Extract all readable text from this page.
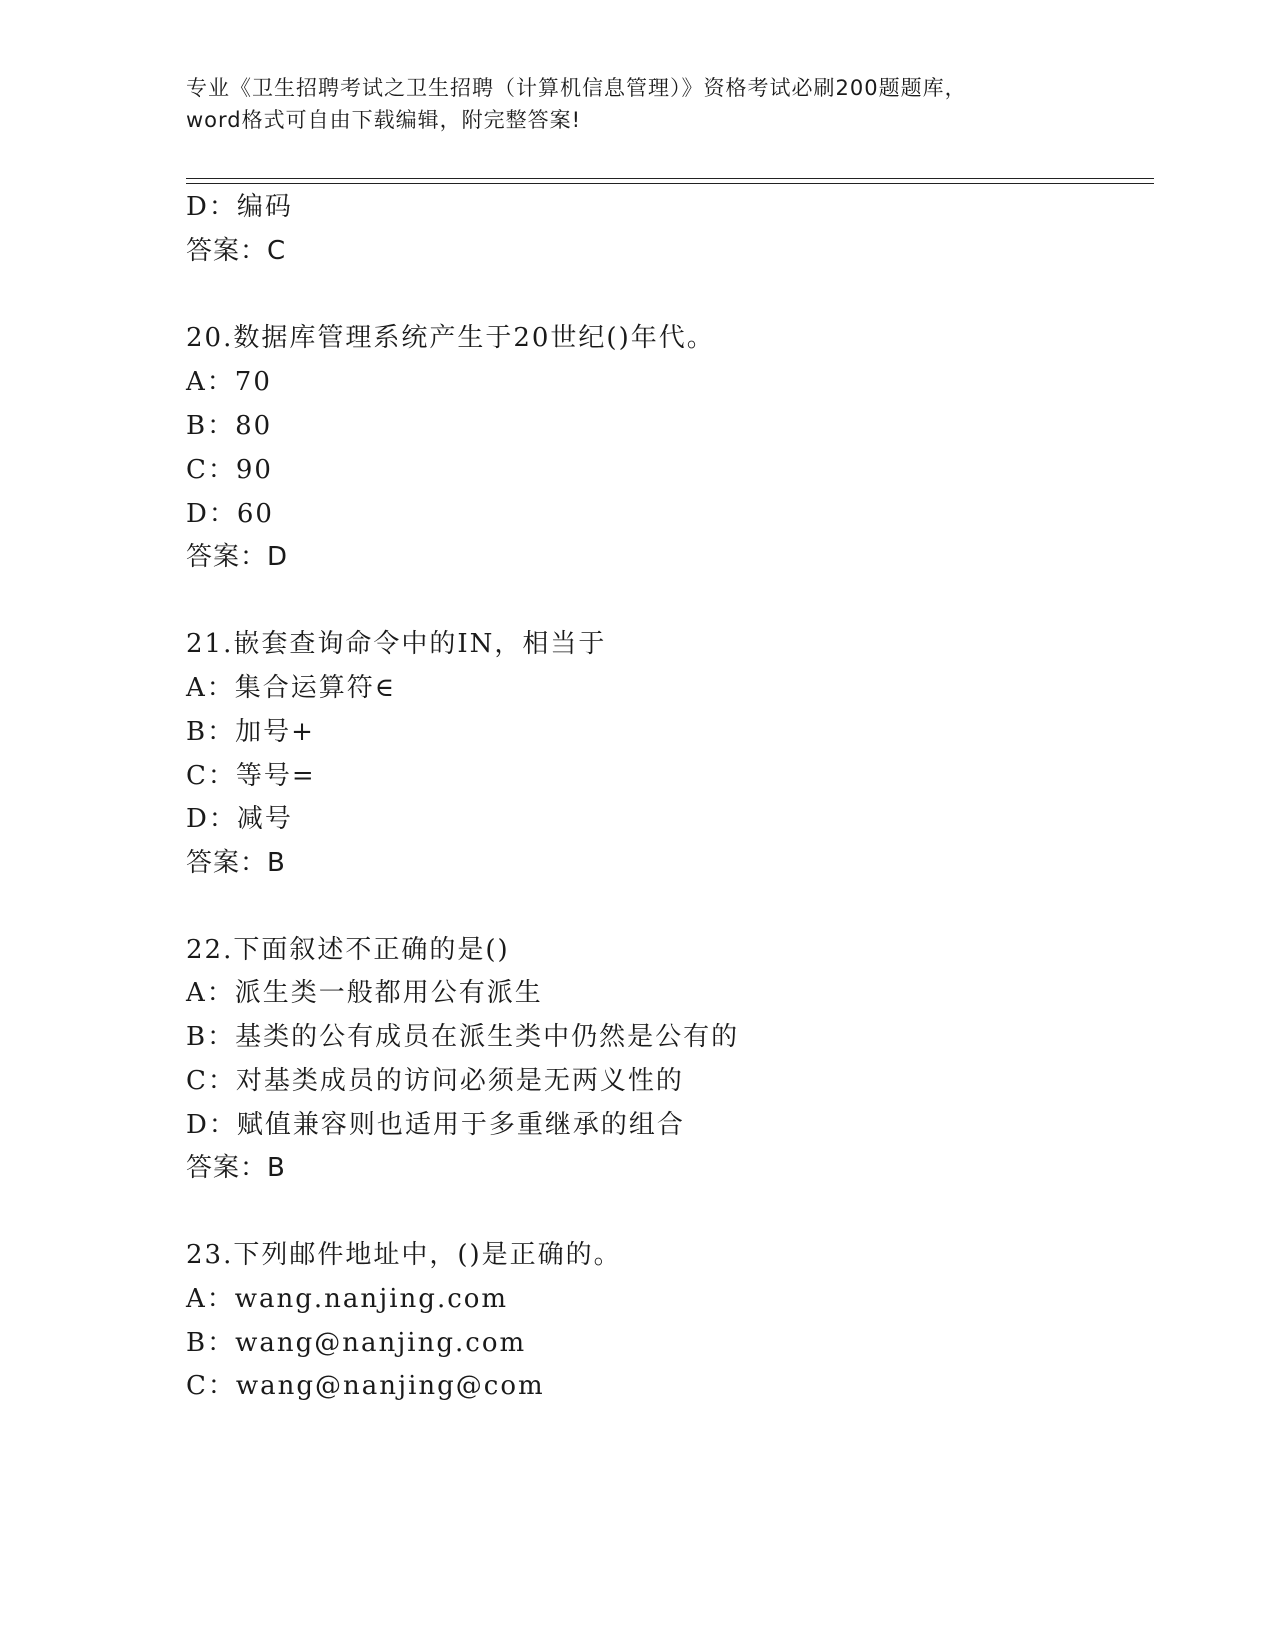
专业《卫生招聘考试之卫生招聘（计算机信息管理）》资格考试必刷200题题库，
word格式可自由下载编辑，附完整答案!
D：编码
答案：C
20.数据库管理系统产生于20世纪()年代。
A：70
B：80
C：90
D：60
答案：D
21.嵌套查询命令中的IN，相当于
A：集合运算符∈
B：加号+
C：等号=
D：减号
答案：B
22.下面叙述不正确的是()
A：派生类一般都用公有派生
B：基类的公有成员在派生类中仍然是公有的
C：对基类成员的访问必须是无两义性的
D：赋值兼容则也适用于多重继承的组合
答案：B
23.下列邮件地址中，()是正确的。
A：wang.nanjing.com
B：wang@nanjing.com
C：wang@nanjing@com
